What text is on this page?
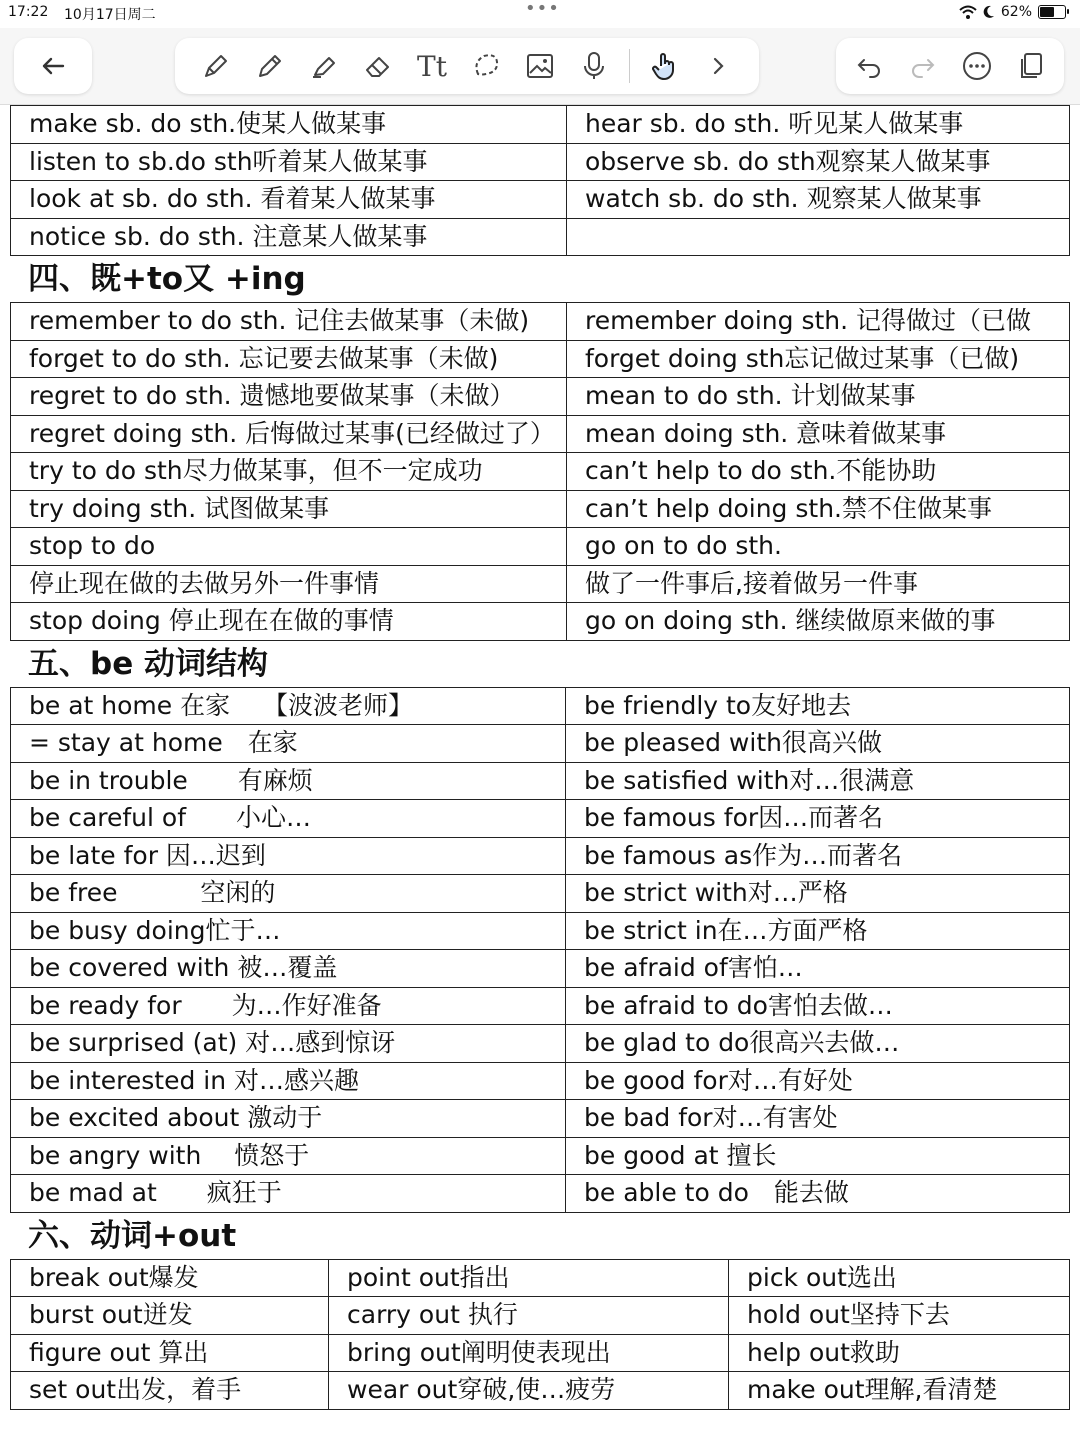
17:22 10月17日周二	•••	62%
Tt
make sb. do sth.使某人做某事	hear sb. do sth. 听见某人做某事
listen to sb.do sth听着某人做某事	observe sb. do sth观察某人做某事
look at sb. do sth. 看着某人做某事	watch sb. do sth. 观察某人做某事
notice sb. do sth. 注意某人做某事	
四、既+to又 +ing
remember to do sth. 记住去做某事（未做)	remember doing sth. 记得做过（已做
forget to do sth. 忘记要去做某事（未做)	forget doing sth忘记做过某事（已做)
regret to do sth. 遗憾地要做某事（未做）	mean to do sth. 计划做某事
regret doing sth. 后悔做过某事(已经做过了）	mean doing sth. 意味着做某事
try to do sth尽力做某事，但不一定成功	can’t help to do sth.不能协助
try doing sth. 试图做某事	can’t help doing sth.禁不住做某事
stop to do	go on to do sth.
停止现在做的去做另外一件事情	做了一件事后,接着做另一件事
stop doing 停止现在在做的事情	go on doing sth. 继续做原来做的事
五、be 动词结构
be at home 在家　 【波波老师】	be friendly to友好地去
= stay at home　在家	be pleased with很高兴做
be in trouble　　有麻烦	be satisfied with对…很满意
be careful of　　小心…	be famous for因…而著名
be late for 因…迟到	be famous as作为…而著名
be free　　　 空闲的	be strict with对…严格
be busy doing忙于…	be strict in在…方面严格
be covered with 被…覆盖	be afraid of害怕…
be ready for　　为…作好准备	be afraid to do害怕去做…
be surprised (at) 对…感到惊讶	be glad to do很高兴去做…
be interested in 对…感兴趣	be good for对…有好处
be excited about 激动于	be bad for对…有害处
be angry with　 愤怒于	be good at 擅长
be mad at　　疯狂于	be able to do　能去做
六、动词+out
break out爆发	point out指出	pick out选出
burst out迸发	carry out 执行	hold out坚持下去
figure out 算出	bring out阐明使表现出	help out救助
set out出发，着手	wear out穿破,使…疲劳	make out理解,看清楚
